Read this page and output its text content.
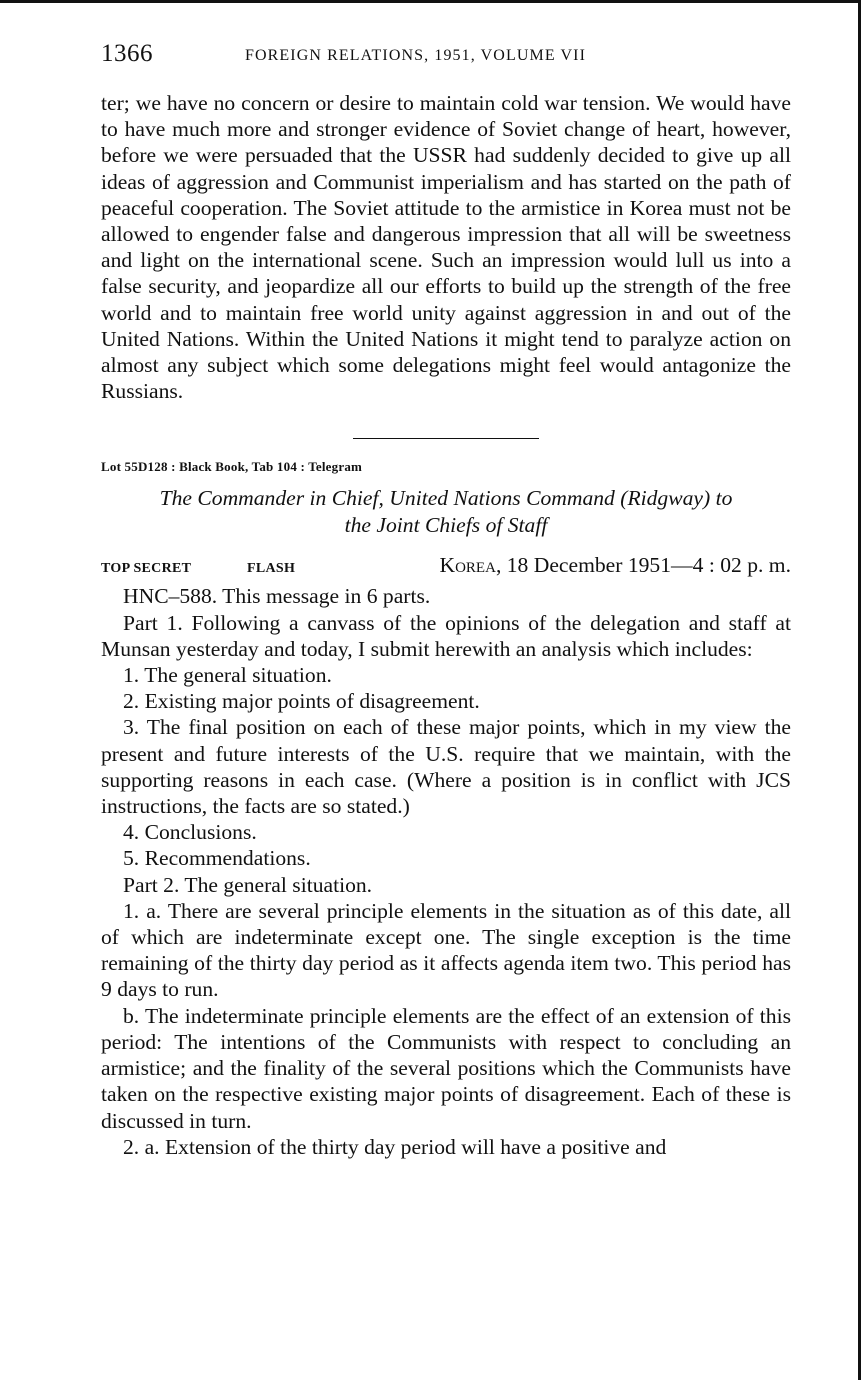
1366	FOREIGN RELATIONS, 1951, VOLUME VII

ter; we have no concern or desire to maintain cold war tension. We would have to have much more and stronger evidence of Soviet change of heart, however, before we were persuaded that the USSR had suddenly decided to give up all ideas of aggression and Communist imperialism and has started on the path of peaceful cooperation. The Soviet attitude to the armistice in Korea must not be allowed to engender false and dangerous impression that all will be sweetness and light on the international scene. Such an impression would lull us into a false security, and jeopardize all our efforts to build up the strength of the free world and to maintain free world unity against aggression in and out of the United Nations. Within the United Nations it might tend to paralyze action on almost any subject which some delegations might feel would antagonize the Russians.

Lot 55D128 : Black Book, Tab 104 : Telegram
The Commander in Chief, United Nations Command (Ridgway) to
the Joint Chiefs of Staff
TOP SECRET	FLASH	Korea, 18 December 1951—4 : 02 p. m.

HNC–588. This message in 6 parts.

Part 1. Following a canvass of the opinions of the delegation and staff at Munsan yesterday and today, I submit herewith an analysis which includes:

1. The general situation.

2. Existing major points of disagreement.

3. The final position on each of these major points, which in my view the present and future interests of the U.S. require that we maintain, with the supporting reasons in each case. (Where a position is in conflict with JCS instructions, the facts are so stated.)

4. Conclusions.

5. Recommendations.

Part 2. The general situation.

1. a. There are several principle elements in the situation as of this date, all of which are indeterminate except one. The single exception is the time remaining of the thirty day period as it affects agenda item two. This period has 9 days to run.

b. The indeterminate principle elements are the effect of an extension of this period: The intentions of the Communists with respect to concluding an armistice; and the finality of the several positions which the Communists have taken on the respective existing major points of disagreement. Each of these is discussed in turn.

2. a. Extension of the thirty day period will have a positive and
